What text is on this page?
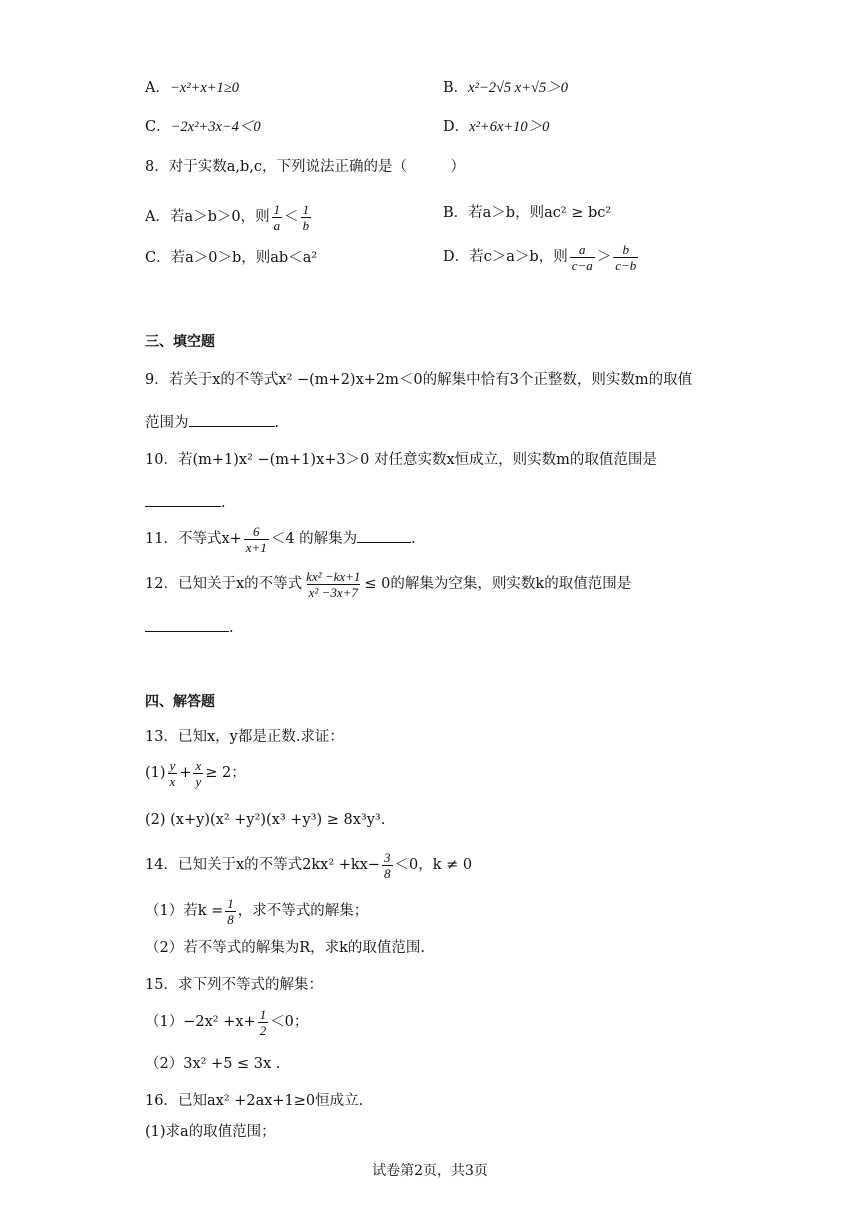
A．−x²+x+1≥0	B．x²−2√5 x+√5＞0
C．−2x²+3x−4＜0	D．x²+6x+10＞0
8．对于实数a,b,c，下列说法正确的是（　　　）
A．若a＞b＞0，则 $\frac{1}{a} < \frac{1}{b}$	B．若a＞b，则ac² ≥ bc²
C．若a＞0＞b，则ab＜a²	D．若c＞a＞b，则 $\frac{a}{c-a} > \frac{b}{c-b}$
三、填空题
9．若关于x的不等式x² −(m+2)x+2m＜0的解集中恰有3个正整数，则实数m的取值
范围为	.
10．若(m+1)x² −(m+1)x+3＞0 对任意实数x恒成立，则实数m的取值范围是
.
11．不等式$x+ \frac{6}{x+1} <4$ 的解集为	.
12．已知关于x的不等式 $\frac{\text{kx² −kx+1}}{\text{x² −3x+7}} \le 0$的解集为空集，则实数k的取值范围是
.
四、解答题
13．已知x，y都是正数.求证：
$(1) \frac{y}{x} + \frac{x}{y} \ge 2$；
(2) (x+y)(x² +y²)(x³ +y³) ≥ 8x³y³.
14．已知关于x的不等式$2kx^2 +kx- \frac{3}{8} <0$，k ≠ 0
（1）若$k = \frac{1}{8}$ ，求不等式的解集；
（2）若不等式的解集为R，求k的取值范围.
15．求下列不等式的解集：
$(1)-2x^2 +x+ \frac{1}{2} <0$；
（2）3x² +5 ≤ 3x .
16．已知ax² +2ax+1≥0恒成立.
(1)求a的取值范围；
试卷第2页，共3页
